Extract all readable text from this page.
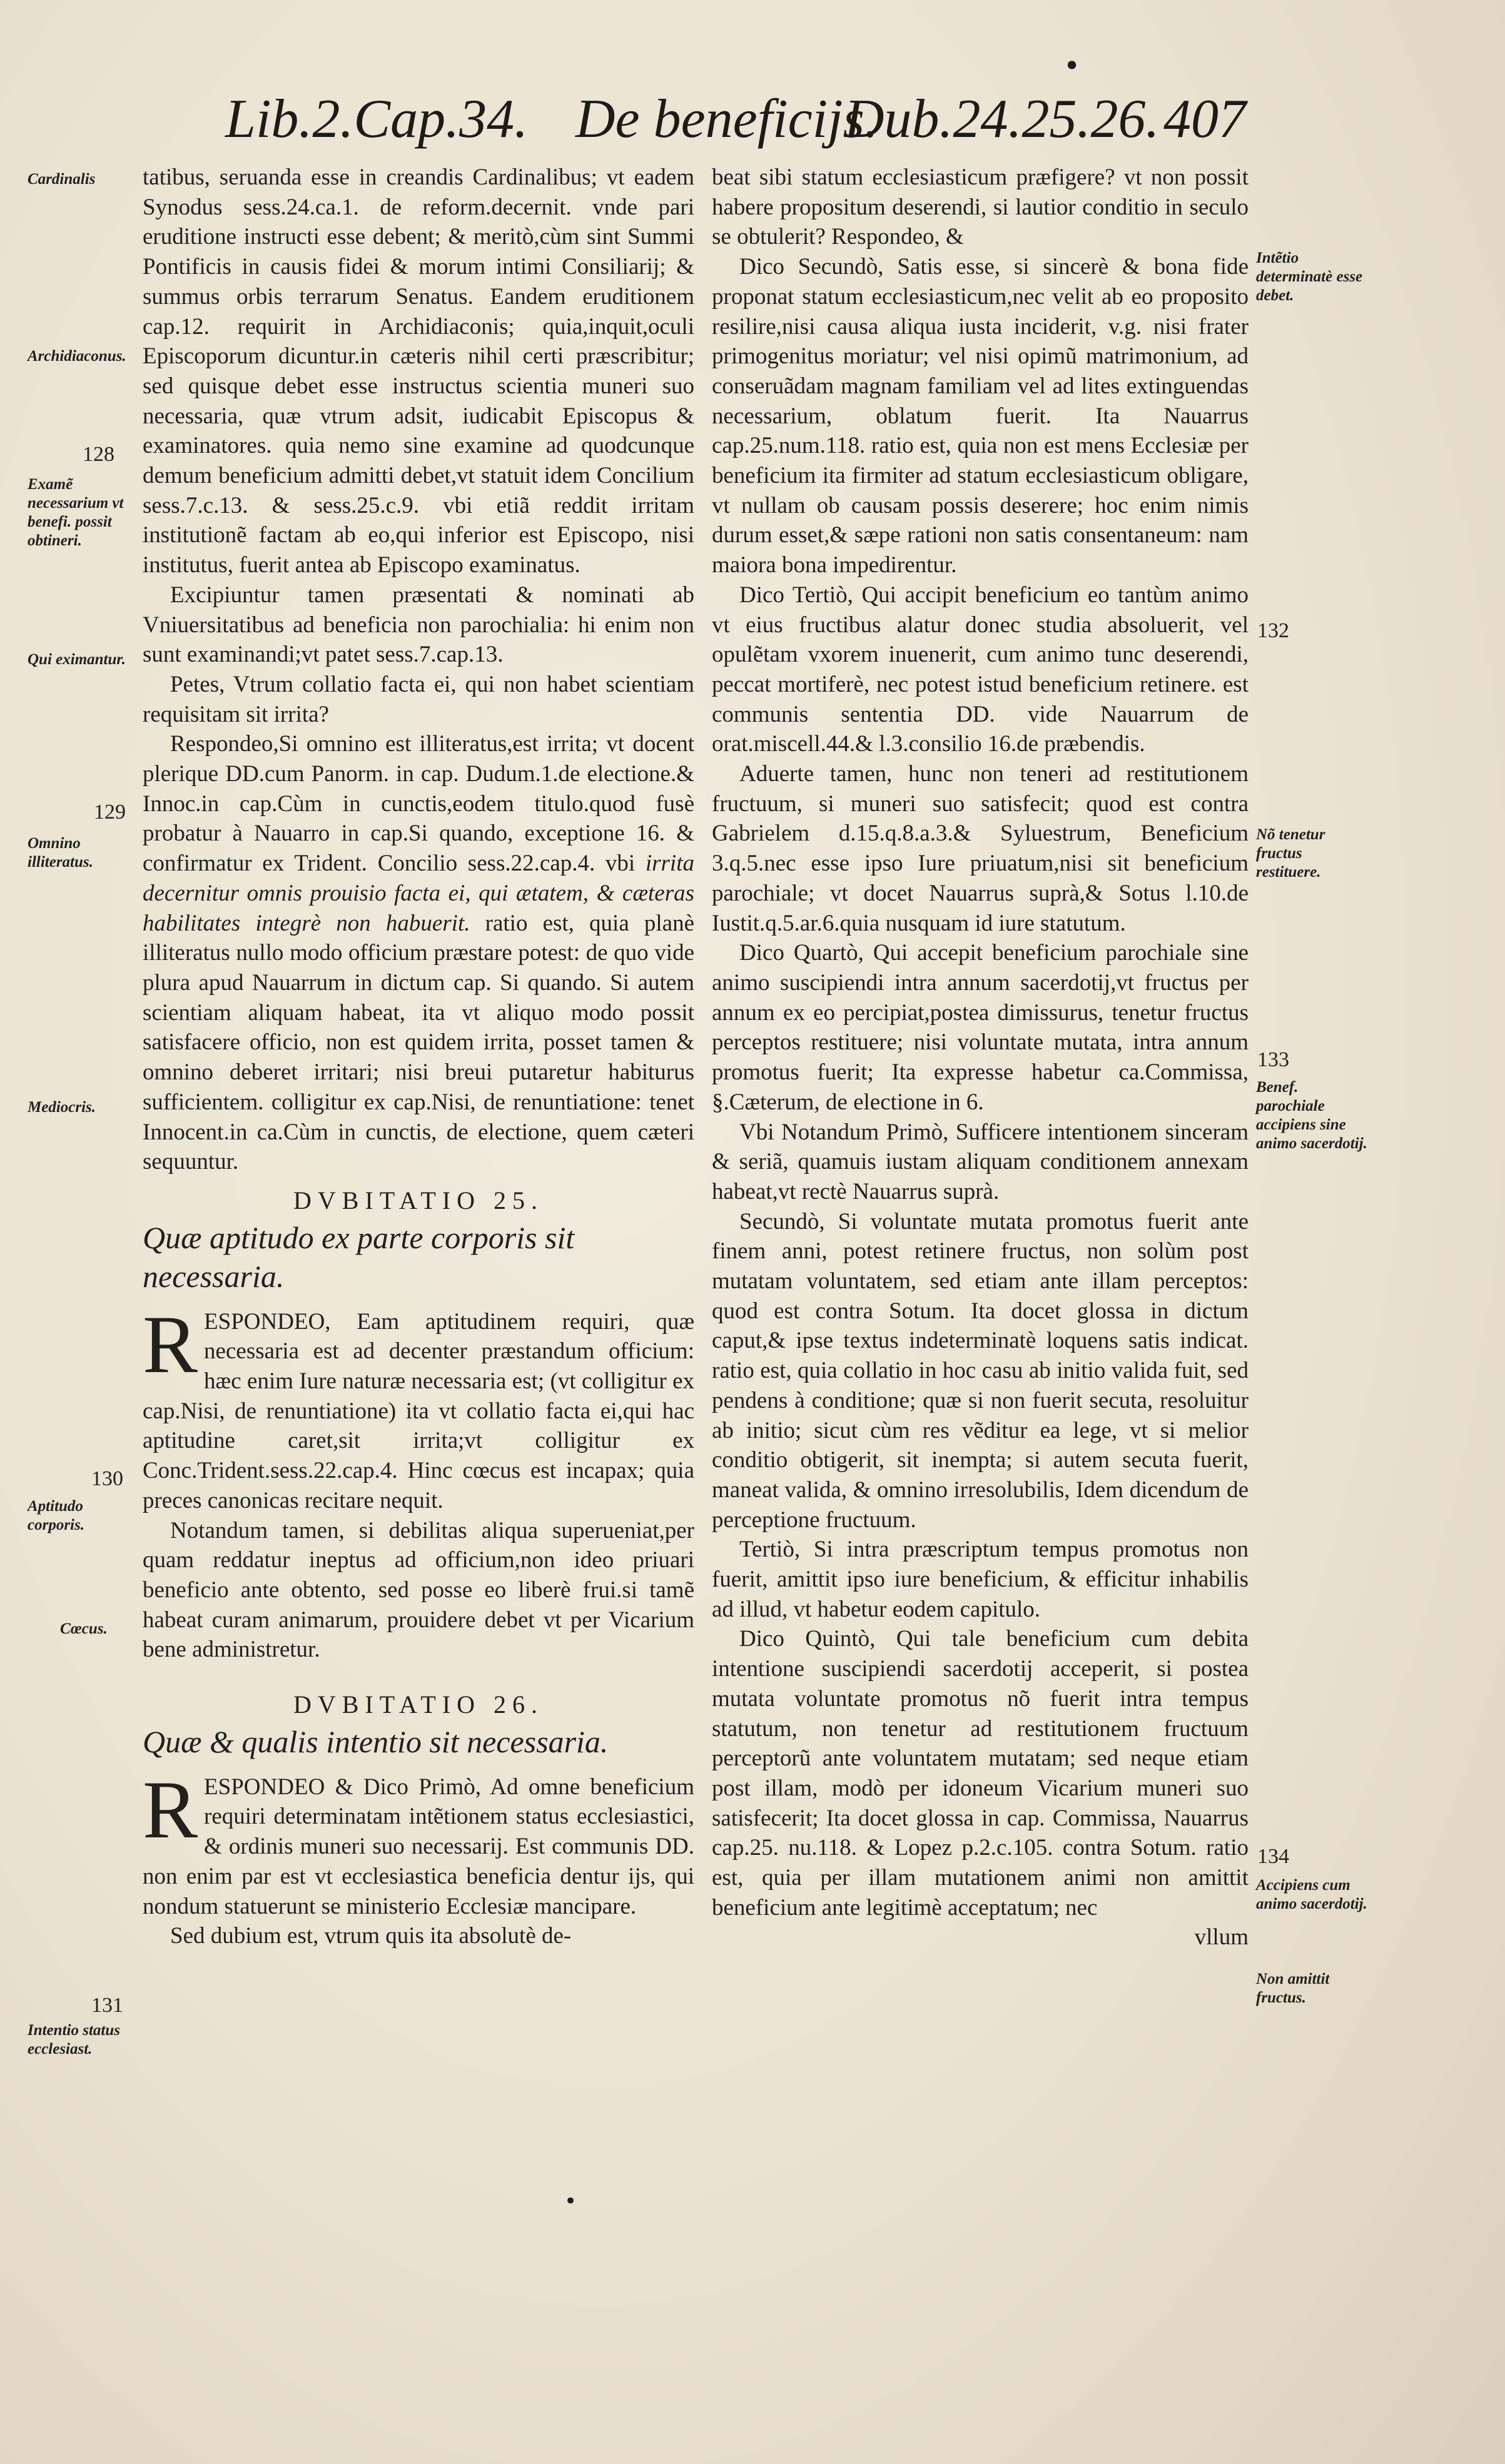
•
Lib.2.Cap.34. De beneficijs.
Dub.24.25.26. 407

tatibus, seruanda esse in creandis Cardinalibus; vt eadem Synodus sess.24.ca.1. de reform.decernit. vnde pari eruditione instructi esse debent; & meritò,cùm sint Summi Pontificis in causis fidei & morum intimi Consiliarij; & summus orbis terrarum Senatus. Eandem eruditionem cap.12. requirit in Archidiaconis; quia,inquit,oculi Episcoporum dicuntur.in cæteris nihil certi præscribitur; sed quisque debet esse instructus scientia muneri suo necessaria, quæ vtrum adsit, iudicabit Episcopus & examinatores. quia nemo sine examine ad quodcunque demum beneficium admitti debet,vt statuit idem Concilium sess.7.c.13. & sess.25.c.9. vbi etiã reddit irritam institutionẽ factam ab eo,qui inferior est Episcopo, nisi institutus, fuerit antea ab Episcopo examinatus.

Excipiuntur tamen præsentati & nominati ab Vniuersitatibus ad beneficia non parochialia: hi enim non sunt examinandi;vt patet sess.7.cap.13.

Petes, Vtrum collatio facta ei, qui non habet scientiam requisitam sit irrita?

Respondeo,Si omnino est illiteratus,est irrita; vt docent plerique DD.cum Panorm. in cap. Dudum.1.de electione.& Innoc.in cap.Cùm in cunctis,eodem titulo.quod fusè probatur à Nauarro in cap.Si quando, exceptione 16. & confirmatur ex Trident. Concilio sess.22.cap.4. vbi irrita decernitur omnis prouisio facta ei, qui ætatem, & cæteras habilitates integrè non habuerit. ratio est, quia planè illiteratus nullo modo officium præstare potest: de quo vide plura apud Nauarrum in dictum cap. Si quando. Si autem scientiam aliquam habeat, ita vt aliquo modo possit satisfacere officio, non est quidem irrita, posset tamen & omnino deberet irritari; nisi breui putaretur habiturus sufficientem. colligitur ex cap.Nisi, de renuntiatione: tenet Innocent.in ca.Cùm in cunctis, de electione, quem cæteri sequuntur.

DVBITATIO 25.

Quæ aptitudo ex parte corporis sit necessaria.

RESPONDEO, Eam aptitudinem requiri, quæ necessaria est ad decenter præstandum officium: hæc enim Iure naturæ necessaria est; (vt colligitur ex cap.Nisi, de renuntiatione) ita vt collatio facta ei,qui hac aptitudine caret,sit irrita;vt colligitur ex Conc.Trident.sess.22.cap.4. Hinc cœcus est incapax; quia preces canonicas recitare nequit.

Notandum tamen, si debilitas aliqua superueniat,per quam reddatur ineptus ad officium,non ideo priuari beneficio ante obtento, sed posse eo liberè frui.si tamẽ habeat curam animarum, prouidere debet vt per Vicarium bene administretur.

DVBITATIO 26.

Quæ & qualis intentio sit necessaria.

RESPONDEO & Dico Primò, Ad omne beneficium requiri determinatam intẽtionem status ecclesiastici, & ordinis muneri suo necessarij. Est communis DD. non enim par est vt ecclesiastica beneficia dentur ijs, qui nondum statuerunt se ministerio Ecclesiæ mancipare.

Sed dubium est, vtrum quis ita absolutè de-

beat sibi statum ecclesiasticum præfigere? vt non possit habere propositum deserendi, si lautior conditio in seculo se obtulerit? Respondeo, &

Dico Secundò, Satis esse, si sincerè & bona fide proponat statum ecclesiasticum,nec velit ab eo proposito resilire,nisi causa aliqua iusta inciderit, v.g. nisi frater primogenitus moriatur; vel nisi opimũ matrimonium, ad conseruãdam magnam familiam vel ad lites extinguendas necessarium, oblatum fuerit. Ita Nauarrus cap.25.num.118. ratio est, quia non est mens Ecclesiæ per beneficium ita firmiter ad statum ecclesiasticum obligare, vt nullam ob causam possis deserere; hoc enim nimis durum esset,& sæpe rationi non satis consentaneum: nam maiora bona impedirentur.

Dico Tertiò, Qui accipit beneficium eo tantùm animo vt eius fructibus alatur donec studia absoluerit, vel opulẽtam vxorem inuenerit, cum animo tunc deserendi, peccat mortiferè, nec potest istud beneficium retinere. est communis sententia DD. vide Nauarrum de orat.miscell.44.& l.3.consilio 16.de præbendis.

Aduerte tamen, hunc non teneri ad restitutionem fructuum, si muneri suo satisfecit; quod est contra Gabrielem d.15.q.8.a.3.& Syluestrum, Beneficium 3.q.5.nec esse ipso Iure priuatum,nisi sit beneficium parochiale; vt docet Nauarrus suprà,& Sotus l.10.de Iustit.q.5.ar.6.quia nusquam id iure statutum.

Dico Quartò, Qui accepit beneficium parochiale sine animo suscipiendi intra annum sacerdotij,vt fructus per annum ex eo percipiat,postea dimissurus, tenetur fructus perceptos restituere; nisi voluntate mutata, intra annum promotus fuerit; Ita expresse habetur ca.Commissa, §.Cæterum, de electione in 6.

Vbi Notandum Primò, Sufficere intentionem sinceram & seriã, quamuis iustam aliquam conditionem annexam habeat,vt rectè Nauarrus suprà.

Secundò, Si voluntate mutata promotus fuerit ante finem anni, potest retinere fructus, non solùm post mutatam voluntatem, sed etiam ante illam perceptos: quod est contra Sotum. Ita docet glossa in dictum caput,& ipse textus indeterminatè loquens satis indicat. ratio est, quia collatio in hoc casu ab initio valida fuit, sed pendens à conditione; quæ si non fuerit secuta, resoluitur ab initio; sicut cùm res vẽditur ea lege, vt si melior conditio obtigerit, sit inempta; si autem secuta fuerit, maneat valida, & omnino irresolubilis, Idem dicendum de perceptione fructuum.

Tertiò, Si intra præscriptum tempus promotus non fuerit, amittit ipso iure beneficium, & efficitur inhabilis ad illud, vt habetur eodem capitulo.

Dico Quintò, Qui tale beneficium cum debita intentione suscipiendi sacerdotij acceperit, si postea mutata voluntate promotus nõ fuerit intra tempus statutum, non tenetur ad restitutionem fructuum perceptorũ ante voluntatem mutatam; sed neque etiam post illam, modò per idoneum Vicarium muneri suo satisfecerit; Ita docet glossa in cap. Commissa, Nauarrus cap.25. nu.118. & Lopez p.2.c.105. contra Sotum. ratio est, quia per illam mutationem animi non amittit beneficium ante legitimè acceptatum; nec

vllum

Cardinalis
Archidiaconus.
128
Examẽ necessarium vt benefi. possit obtineri.
Qui eximantur.
129
Omnino illiteratus.
Mediocris.
130
Aptitudo corporis.
Cœcus.
131
Intentio status ecclesiast.
Intẽtio determinatè esse debet.
132
Nõ tenetur fructus restituere.
133
Benef. parochiale accipiens sine animo sacerdotij.
134
Accipiens cum animo sacerdotij.
Non amittit fructus.
•
